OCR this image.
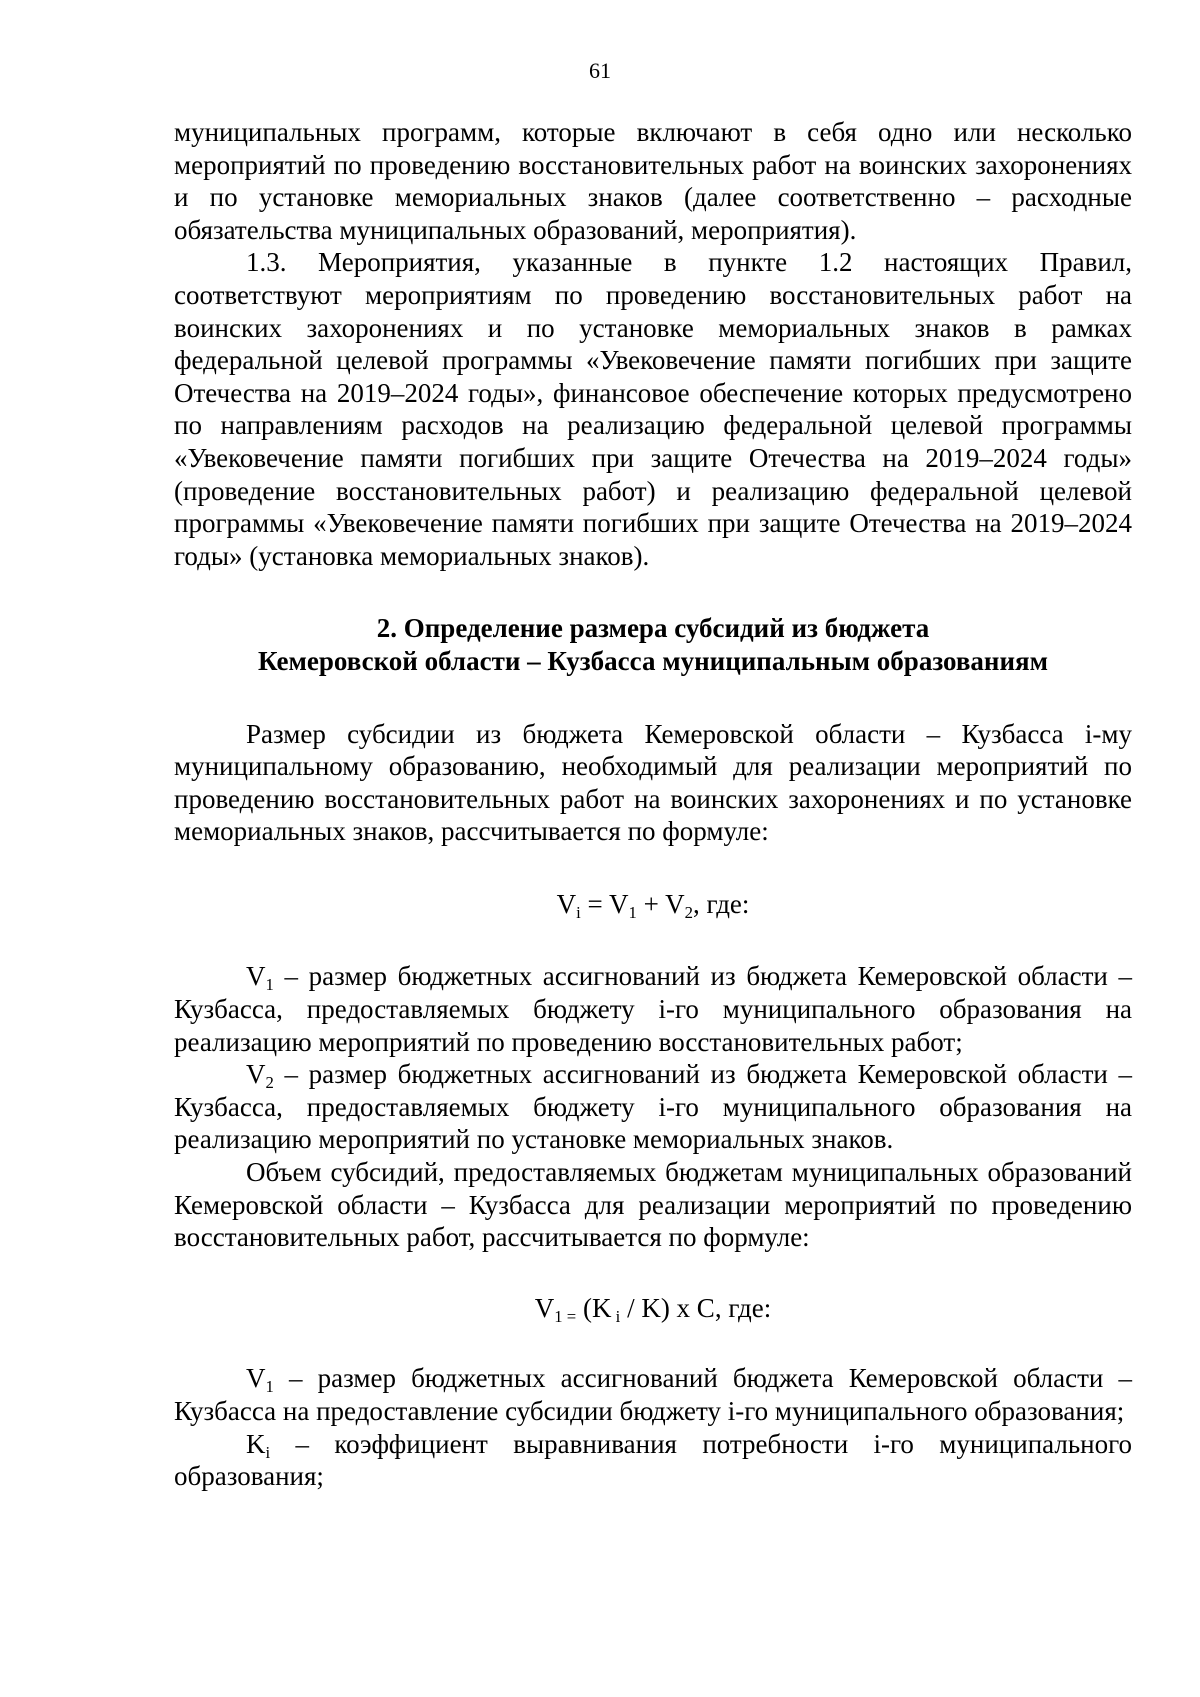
61

муниципальных программ, которые включают в себя одно или несколько мероприятий по проведению восстановительных работ на воинских захоронениях и по установке мемориальных знаков (далее соответственно – расходные обязательства муниципальных образований, мероприятия).

1.3. Мероприятия, указанные в пункте 1.2 настоящих Правил, соответствуют мероприятиям по проведению восстановительных работ на воинских захоронениях и по установке мемориальных знаков в рамках федеральной целевой программы «Увековечение памяти погибших при защите Отечества на 2019–2024 годы», финансовое обеспечение которых предусмотрено по направлениям расходов на реализацию федеральной целевой программы «Увековечение памяти погибших при защите Отечества на 2019–2024 годы» (проведение восстановительных работ) и реализацию федеральной целевой программы «Увековечение памяти погибших при защите Отечества на 2019–2024 годы» (установка мемориальных знаков).

2. Определение размера субсидий из бюджета
Кемеровской области – Кузбасса муниципальным образованиям

Размер субсидии из бюджета Кемеровской области – Кузбасса i-му муниципальному образованию, необходимый для реализации мероприятий по проведению восстановительных работ на воинских захоронениях и по установке мемориальных знаков, рассчитывается по формуле:

$V_i = V_1 + V_2$, где:

$V_1$ – размер бюджетных ассигнований из бюджета Кемеровской области – Кузбасса, предоставляемых бюджету i-го муниципального образования на реализацию мероприятий по проведению восстановительных работ;

$V_2$ – размер бюджетных ассигнований из бюджета Кемеровской области – Кузбасса, предоставляемых бюджету i-го муниципального образования на реализацию мероприятий по установке мемориальных знаков.

Объем субсидий, предоставляемых бюджетам муниципальных образований Кемеровской области – Кузбасса для реализации мероприятий по проведению восстановительных работ, рассчитывается по формуле:

$V_{1 =}$ (K $_i$ / K) x C, где:

$V_1$ – размер бюджетных ассигнований бюджета Кемеровской области – Кузбасса на предоставление субсидии бюджету i-го муниципального образования;

$K_i$ – коэффициент выравнивания потребности i-го муниципального образования;
